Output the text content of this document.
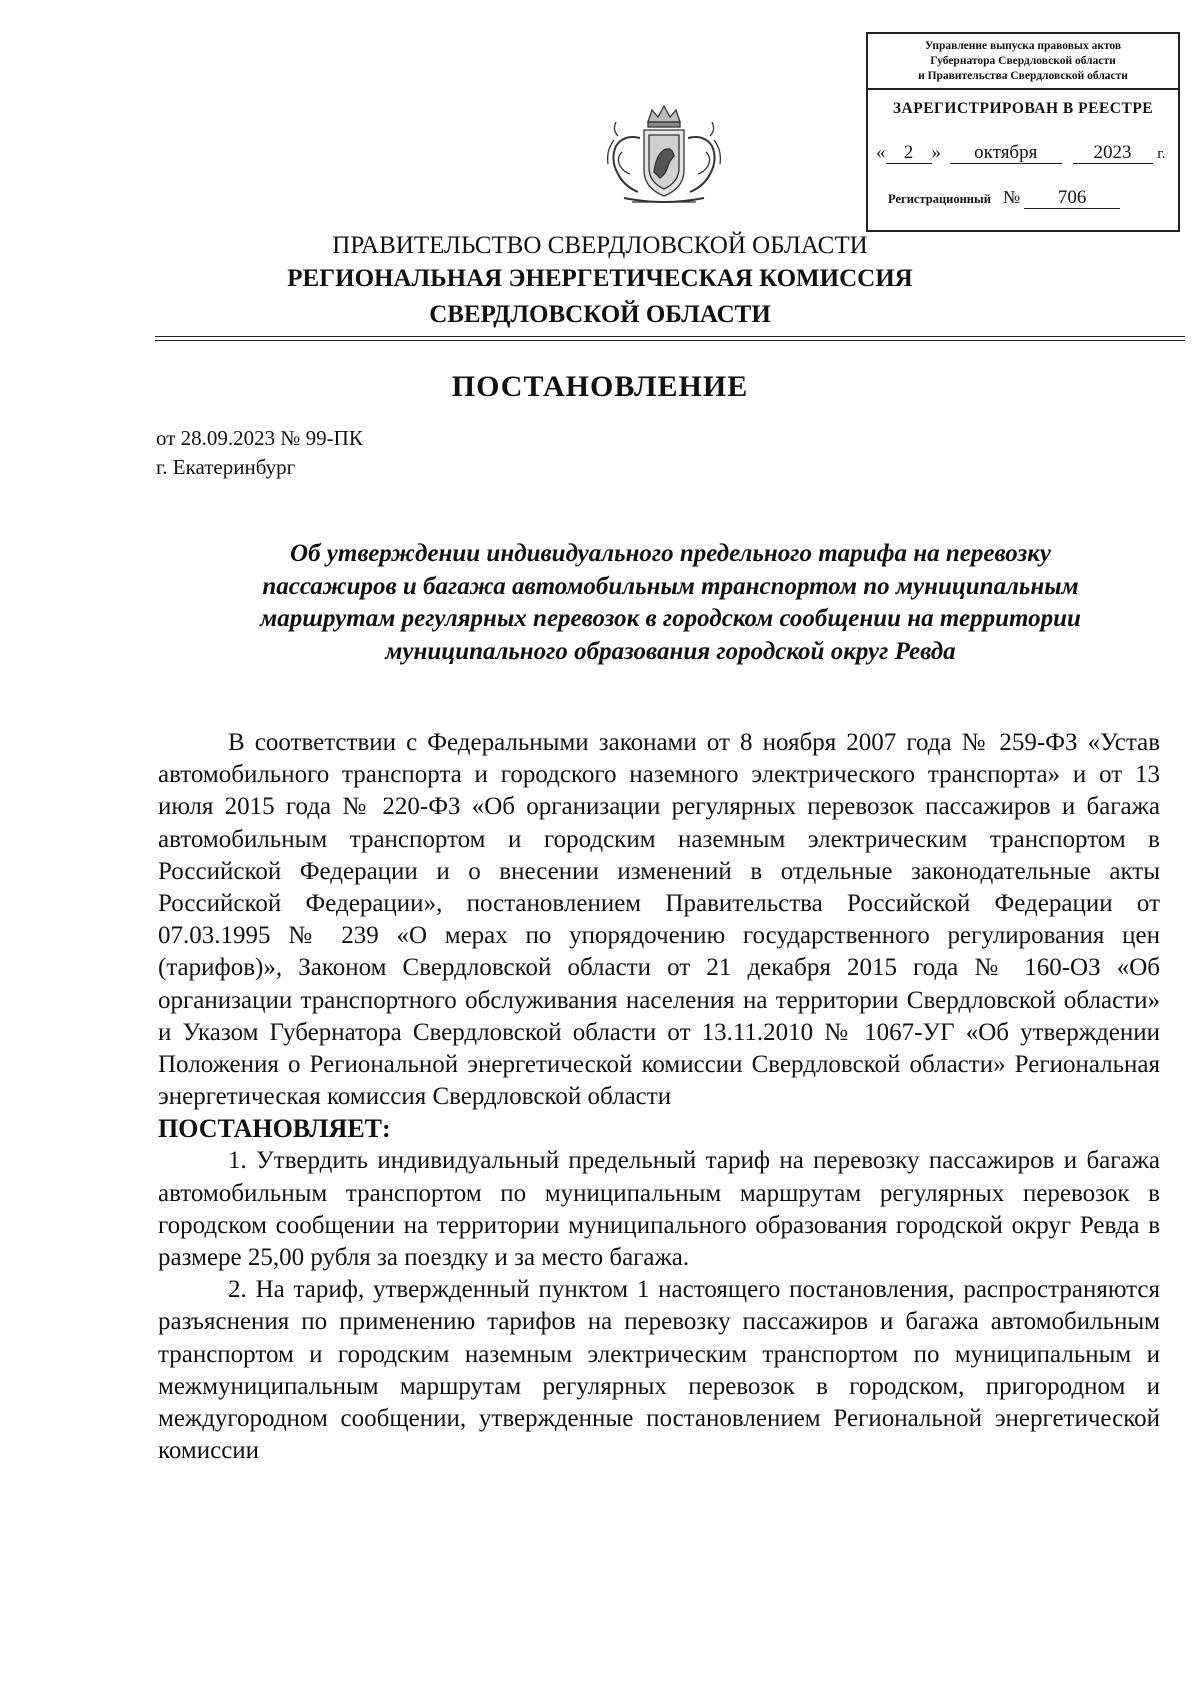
Управление выпуска правовых актов
Губернатора Свердловской области
и Правительства Свердловской области
ЗАРЕГИСТРИРОВАН В РЕЕСТРЕ
« 2 » октября	2023 г.
Регистрационный № 706
ПРАВИТЕЛЬСТВО СВЕРДЛОВСКОЙ ОБЛАСТИ
РЕГИОНАЛЬНАЯ ЭНЕРГЕТИЧЕСКАЯ КОМИССИЯ
СВЕРДЛОВСКОЙ ОБЛАСТИ
ПОСТАНОВЛЕНИЕ
от 28.09.2023 № 99-ПК
г. Екатеринбург
Об утверждении индивидуального предельного тарифа на перевозку
пассажиров и багажа автомобильным транспортом по муниципальным
маршрутам регулярных перевозок в городском сообщении на территории
муниципального образования городской округ Ревда

В соответствии с Федеральными законами от 8 ноября 2007 года № 259-ФЗ «Устав автомобильного транспорта и городского наземного электрического транспорта» и от 13 июля 2015 года № 220-ФЗ «Об организации регулярных перевозок пассажиров и багажа автомобильным транспортом и городским наземным электрическим транспортом в Российской Федерации и о внесении изменений в отдельные законодательные акты Российской Федерации», постановлением Правительства Российской Федерации от 07.03.1995 № 239 «О мерах по упорядочению государственного регулирования цен (тарифов)», Законом Свердловской области от 21 декабря 2015 года № 160-ОЗ «Об организации транспортного обслуживания населения на территории Свердловской области» и Указом Губернатора Свердловской области от 13.11.2010 № 1067-УГ «Об утверждении Положения о Региональной энергетической комиссии Свердловской области» Региональная энергетическая комиссия Свердловской области

ПОСТАНОВЛЯЕТ:

1. Утвердить индивидуальный предельный тариф на перевозку пассажиров и багажа автомобильным транспортом по муниципальным маршрутам регулярных перевозок в городском сообщении на территории муниципального образования городской округ Ревда в размере 25,00 рубля за поездку и за место багажа.

2. На тариф, утвержденный пунктом 1 настоящего постановления, распространяются разъяснения по применению тарифов на перевозку пассажиров и багажа автомобильным транспортом и городским наземным электрическим транспортом по муниципальным и межмуниципальным маршрутам регулярных перевозок в городском, пригородном и междугородном сообщении, утвержденные постановлением Региональной энергетической комиссии
